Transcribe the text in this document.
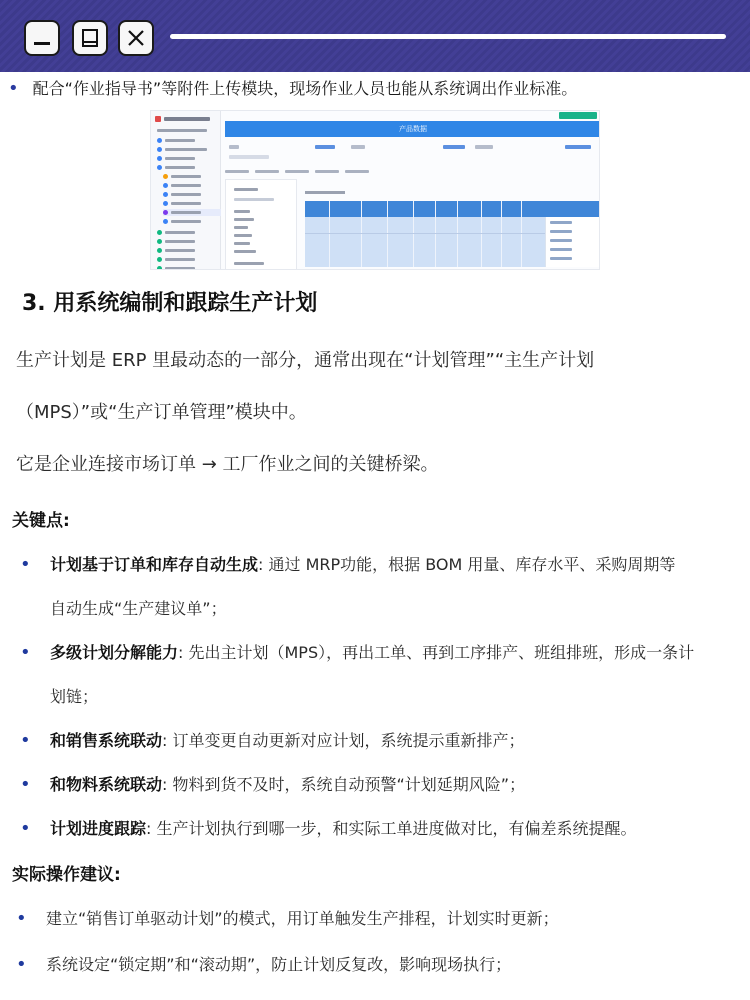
• 配合“作业指导书”等附件上传模块，现场作业人员也能从系统调出作业标准。
产品数据
3. 用系统编制和跟踪生产计划
生产计划是 ERP 里最动态的一部分，通常出现在“计划管理”“主生产计划
（MPS）”或“生产订单管理”模块中。
它是企业连接市场订单 → 工厂作业之间的关键桥梁。
关键点:
• 计划基于订单和库存自动生成: 通过 MRP功能，根据 BOM 用量、库存水平、采购周期等
自动生成“生产建议单”；
• 多级计划分解能力: 先出主计划（MPS），再出工单、再到工序排产、班组排班，形成一条计
划链；
• 和销售系统联动: 订单变更自动更新对应计划，系统提示重新排产；
• 和物料系统联动: 物料到货不及时，系统自动预警“计划延期风险”；
• 计划进度跟踪: 生产计划执行到哪一步，和实际工单进度做对比，有偏差系统提醒。
实际操作建议:
• 建立“销售订单驱动计划”的模式，用订单触发生产排程，计划实时更新；
• 系统设定“锁定期”和“滚动期”，防止计划反复改，影响现场执行；
